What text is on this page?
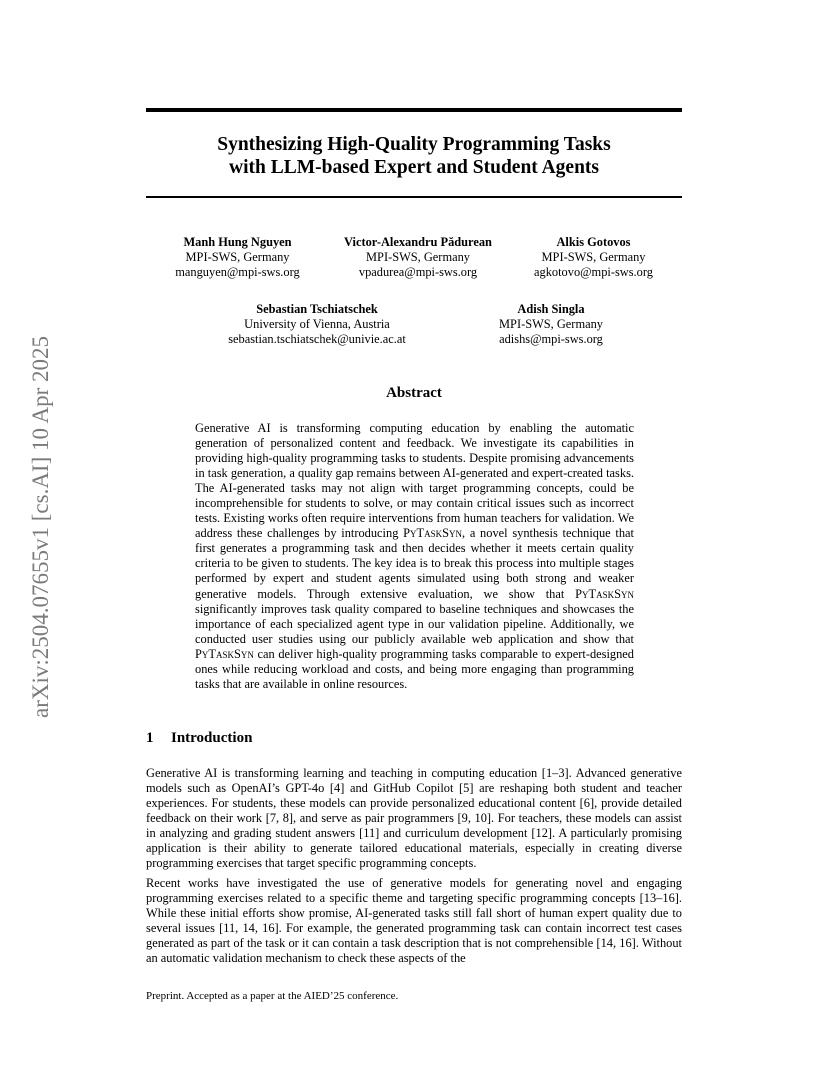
arXiv:2504.07655v1 [cs.AI] 10 Apr 2025
Synthesizing High-Quality Programming Tasks
with LLM-based Expert and Student Agents
Manh Hung Nguyen
MPI-SWS, Germany
manguyen@mpi-sws.org
Victor-Alexandru Pădurean
MPI-SWS, Germany
vpadurea@mpi-sws.org
Alkis Gotovos
MPI-SWS, Germany
agkotovo@mpi-sws.org
Sebastian Tschiatschek
University of Vienna, Austria
sebastian.tschiatschek@univie.ac.at
Adish Singla
MPI-SWS, Germany
adishs@mpi-sws.org
Abstract
Generative AI is transforming computing education by enabling the automatic generation of personalized content and feedback. We investigate its capabilities in providing high-quality programming tasks to students. Despite promising advancements in task generation, a quality gap remains between AI-generated and expert-created tasks. The AI-generated tasks may not align with target programming concepts, could be incomprehensible for students to solve, or may contain critical issues such as incorrect tests. Existing works often require interventions from human teachers for validation. We address these challenges by introducing PyTaskSyn, a novel synthesis technique that first generates a programming task and then decides whether it meets certain quality criteria to be given to students. The key idea is to break this process into multiple stages performed by expert and student agents simulated using both strong and weaker generative models. Through extensive evaluation, we show that PyTaskSyn significantly improves task quality compared to baseline techniques and showcases the importance of each specialized agent type in our validation pipeline. Additionally, we conducted user studies using our publicly available web application and show that PyTaskSyn can deliver high-quality programming tasks comparable to expert-designed ones while reducing workload and costs, and being more engaging than programming tasks that are available in online resources.
1 Introduction
Generative AI is transforming learning and teaching in computing education [1–3]. Advanced generative models such as OpenAI’s GPT-4o [4] and GitHub Copilot [5] are reshaping both student and teacher experiences. For students, these models can provide personalized educational content [6], provide detailed feedback on their work [7, 8], and serve as pair programmers [9, 10]. For teachers, these models can assist in analyzing and grading student answers [11] and curriculum development [12]. A particularly promising application is their ability to generate tailored educational materials, especially in creating diverse programming exercises that target specific programming concepts.
Recent works have investigated the use of generative models for generating novel and engaging programming exercises related to a specific theme and targeting specific programming concepts [13–16]. While these initial efforts show promise, AI-generated tasks still fall short of human expert quality due to several issues [11, 14, 16]. For example, the generated programming task can contain incorrect test cases generated as part of the task or it can contain a task description that is not comprehensible [14, 16]. Without an automatic validation mechanism to check these aspects of the
Preprint. Accepted as a paper at the AIED’25 conference.
